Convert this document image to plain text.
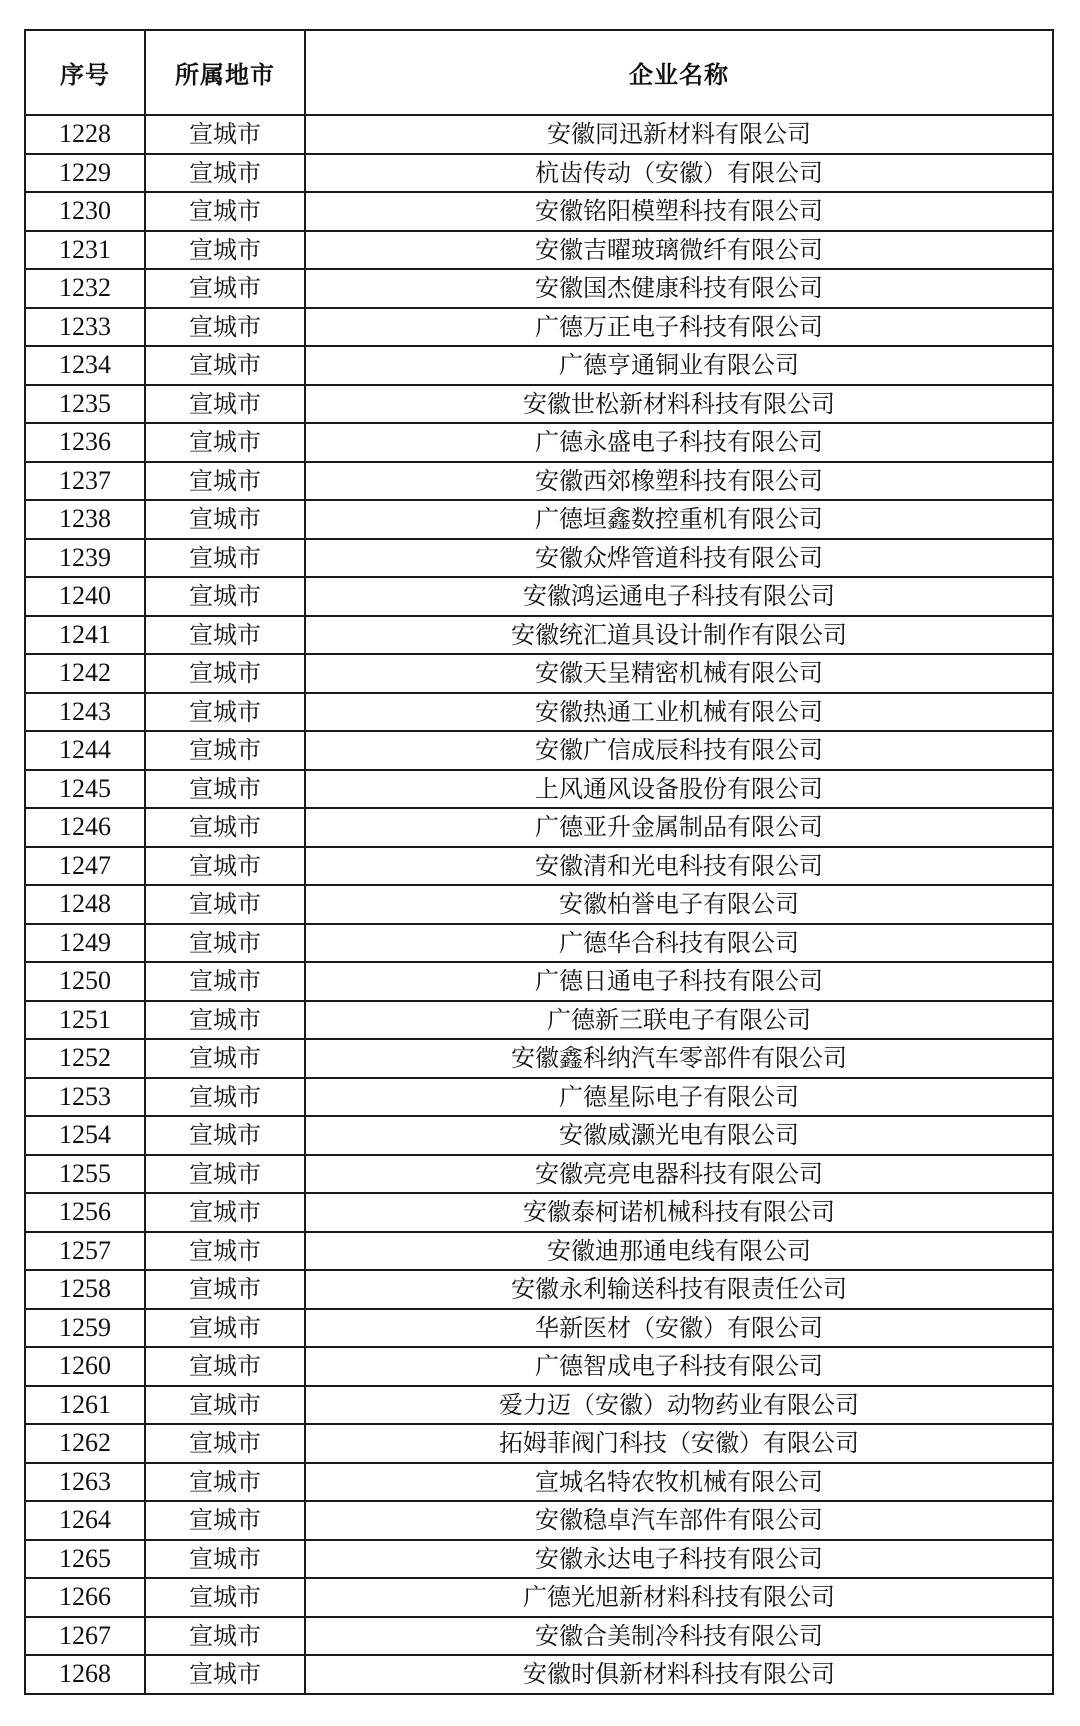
序号	所属地市	企业名称
1228	宣城市	安徽同迅新材料有限公司
1229	宣城市	杭齿传动（安徽）有限公司
1230	宣城市	安徽铭阳模塑科技有限公司
1231	宣城市	安徽吉曜玻璃微纤有限公司
1232	宣城市	安徽国杰健康科技有限公司
1233	宣城市	广德万正电子科技有限公司
1234	宣城市	广德亨通铜业有限公司
1235	宣城市	安徽世松新材料科技有限公司
1236	宣城市	广德永盛电子科技有限公司
1237	宣城市	安徽西郊橡塑科技有限公司
1238	宣城市	广德垣鑫数控重机有限公司
1239	宣城市	安徽众烨管道科技有限公司
1240	宣城市	安徽鸿运通电子科技有限公司
1241	宣城市	安徽统汇道具设计制作有限公司
1242	宣城市	安徽天呈精密机械有限公司
1243	宣城市	安徽热通工业机械有限公司
1244	宣城市	安徽广信成辰科技有限公司
1245	宣城市	上风通风设备股份有限公司
1246	宣城市	广德亚升金属制品有限公司
1247	宣城市	安徽清和光电科技有限公司
1248	宣城市	安徽柏誉电子有限公司
1249	宣城市	广德华合科技有限公司
1250	宣城市	广德日通电子科技有限公司
1251	宣城市	广德新三联电子有限公司
1252	宣城市	安徽鑫科纳汽车零部件有限公司
1253	宣城市	广德星际电子有限公司
1254	宣城市	安徽威灏光电有限公司
1255	宣城市	安徽亮亮电器科技有限公司
1256	宣城市	安徽泰柯诺机械科技有限公司
1257	宣城市	安徽迪那通电线有限公司
1258	宣城市	安徽永利输送科技有限责任公司
1259	宣城市	华新医材（安徽）有限公司
1260	宣城市	广德智成电子科技有限公司
1261	宣城市	爱力迈（安徽）动物药业有限公司
1262	宣城市	拓姆菲阀门科技（安徽）有限公司
1263	宣城市	宣城名特农牧机械有限公司
1264	宣城市	安徽稳卓汽车部件有限公司
1265	宣城市	安徽永达电子科技有限公司
1266	宣城市	广德光旭新材料科技有限公司
1267	宣城市	安徽合美制冷科技有限公司
1268	宣城市	安徽时俱新材料科技有限公司
